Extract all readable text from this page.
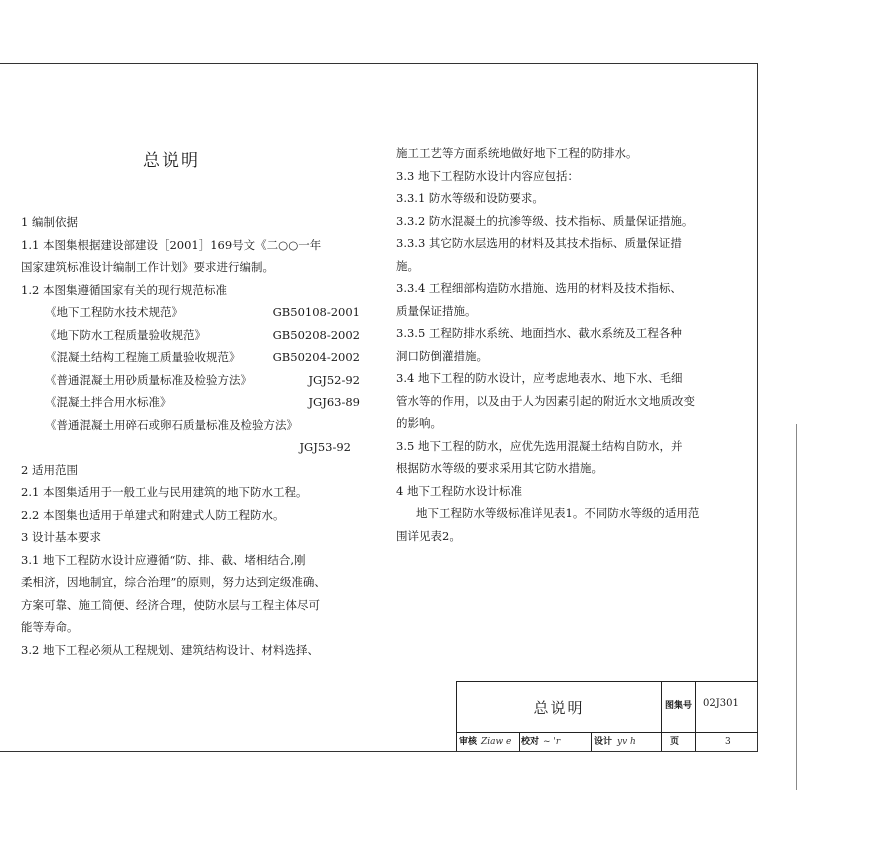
总说明
1 编制依据
1.1 本图集根据建设部建设［2001］169号文《二○○一年
国家建筑标准设计编制工作计划》要求进行编制。
1.2 本图集遵循国家有关的现行规范标准
《地下工程防水技术规范》	GB50108-2001
《地下防水工程质量验收规范》	GB50208-2002
《混凝土结构工程施工质量验收规范》	GB50204-2002
《普通混凝土用砂质量标准及检验方法》	JGJ52-92
《混凝土拌合用水标准》	JGJ63-89
《普通混凝土用碎石或卵石质量标准及检验方法》
JGJ53-92
2 适用范围
2.1 本图集适用于一般工业与民用建筑的地下防水工程。
2.2 本图集也适用于单建式和附建式人防工程防水。
3 设计基本要求
3.1 地下工程防水设计应遵循“防、排、截、堵相结合,刚
柔相济，因地制宜，综合治理”的原则，努力达到定级准确、
方案可靠、施工简便、经济合理，使防水层与工程主体尽可
能等寿命。
3.2 地下工程必须从工程规划、建筑结构设计、材料选择、
施工工艺等方面系统地做好地下工程的防排水。
3.3 地下工程防水设计内容应包括：
3.3.1 防水等级和设防要求。
3.3.2 防水混凝土的抗渗等级、技术指标、质量保证措施。
3.3.3 其它防水层选用的材料及其技术指标、质量保证措
施。
3.3.4 工程细部构造防水措施、选用的材料及技术指标、
质量保证措施。
3.3.5 工程防排水系统、地面挡水、截水系统及工程各种
洞口防倒灌措施。
3.4 地下工程的防水设计，应考虑地表水、地下水、毛细
管水等的作用，以及由于人为因素引起的附近水文地质改变
的影响。
3.5 地下工程的防水，应优先选用混凝土结构自防水，并
根据防水等级的要求采用其它防水措施。
4 地下工程防水设计标准
地下工程防水等级标准详见表1。不同防水等级的适用范
围详见表2。
总说明	图集号	02J301
审核 Ziaw e 校对 ~ 'r	设计 yv h	页	3
